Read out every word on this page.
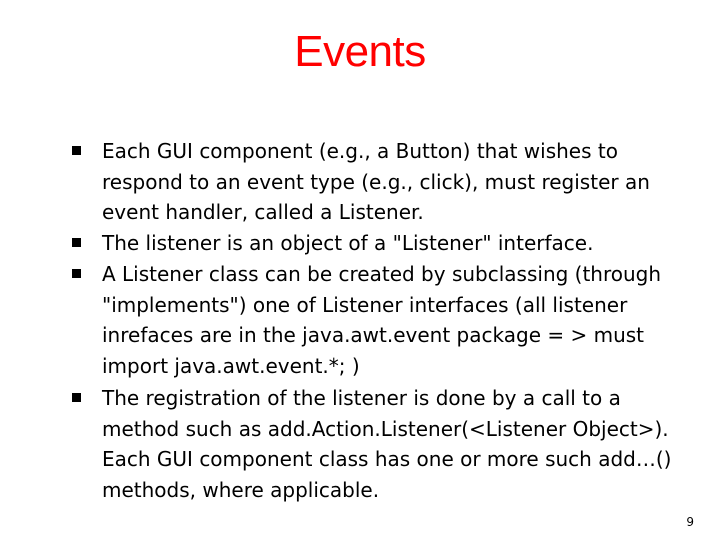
Events
Each GUI component (e.g., a Button) that wishes to respond to an event type (e.g., click), must register an event handler, called a Listener.
The listener is an object of a "Listener" interface.
A Listener class can be created by subclassing (through "implements") one of Listener interfaces (all listener inrefaces are in the java.awt.event package = > must import java.awt.event.*; )
The registration of the listener is done by a call to a method such as add.Action.Listener(<Listener Object>). Each GUI component class has one or more such add…() methods, where applicable.
9
